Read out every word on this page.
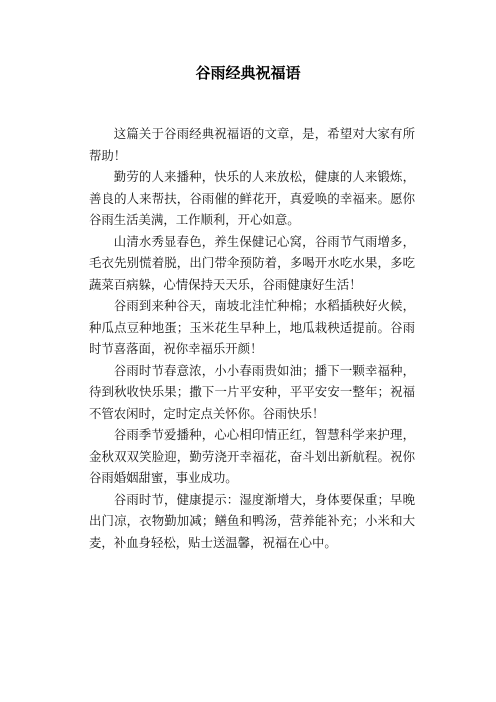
谷雨经典祝福语

这篇关于谷雨经典祝福语的文章，是，希望对大家有所帮助！

勤劳的人来播种，快乐的人来放松，健康的人来锻炼，善良的人来帮扶，谷雨催的鲜花开，真爱唤的幸福来。愿你谷雨生活美满，工作顺利，开心如意。

山清水秀显春色，养生保健记心窝，谷雨节气雨增多，毛衣先别慌着脱，出门带伞预防着，多喝开水吃水果，多吃蔬菜百病躲，心情保持天天乐，谷雨健康好生活！

谷雨到来种谷天，南坡北洼忙种棉；水稻插秧好火候，种瓜点豆种地蛋；玉米花生早种上，地瓜栽秧适提前。谷雨时节喜落面，祝你幸福乐开颜！

谷雨时节春意浓，小小春雨贵如油；播下一颗幸福种，待到秋收快乐果；撒下一片平安种，平平安安一整年；祝福不管农闲时，定时定点关怀你。谷雨快乐！

谷雨季节爱播种，心心相印情正红，智慧科学来护理，金秋双双笑脸迎，勤劳浇开幸福花，奋斗划出新航程。祝你谷雨婚姻甜蜜，事业成功。

谷雨时节，健康提示：湿度渐增大，身体要保重；早晚出门凉，衣物勤加减；鳝鱼和鸭汤，营养能补充；小米和大麦，补血身轻松，贴士送温馨，祝福在心中。
